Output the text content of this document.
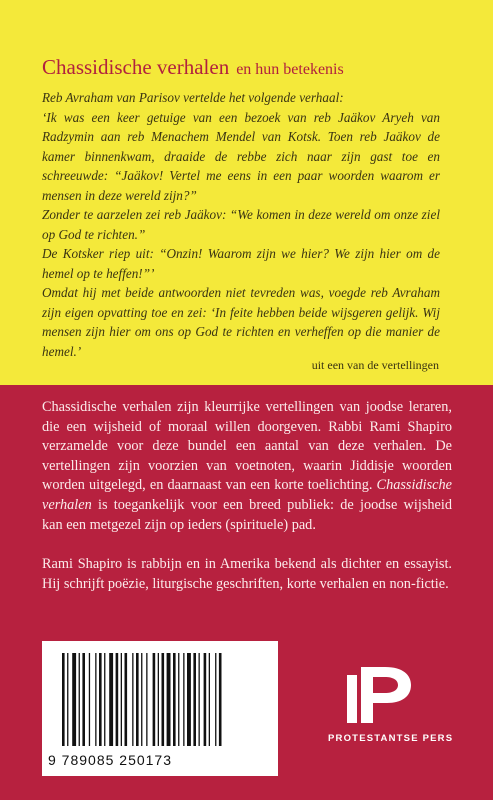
Chassidische verhalen en hun betekenis

Reb Avraham van Parisov vertelde het volgende verhaal:

‘Ik was een keer getuige van een bezoek van reb Jaäkov Aryeh van Radzymin aan reb Menachem Mendel van Kotsk. Toen reb Jaäkov de kamer binnenkwam, draaide de rebbe zich naar zijn gast toe en schreeuwde: “Jaäkov! Vertel me eens in een paar woorden waarom er mensen in deze wereld zijn?”

Zonder te aarzelen zei reb Jaäkov: “We komen in deze wereld om onze ziel op God te richten.”

De Kotsker riep uit: “Onzin! Waarom zijn we hier? We zijn hier om de hemel op te heffen!”’

Omdat hij met beide antwoorden niet tevreden was, voegde reb Avraham zijn eigen opvatting toe en zei: ‘In feite hebben beide wijsgeren gelijk. Wij mensen zijn hier om ons op God te richten en verheffen op die manier de hemel.’

uit een van de vertellingen

Chassidische verhalen zijn kleurrijke vertellingen van joodse leraren, die een wijsheid of moraal willen doorgeven. Rabbi Rami Shapiro verzamelde voor deze bundel een aantal van deze verhalen. De vertellingen zijn voorzien van voetnoten, waarin Jiddisje woorden worden uitgelegd, en daarnaast van een korte toelichting. Chassidische verhalen is toegankelijk voor een breed publiek: de joodse wijsheid kan een metgezel zijn op ieders (spirituele) pad.

Rami Shapiro is rabbijn en in Amerika bekend als dichter en essayist. Hij schrijft poëzie, liturgische geschriften, korte verhalen en non-fictie.

9 789085 250173
PROTESTANTSE PERS
